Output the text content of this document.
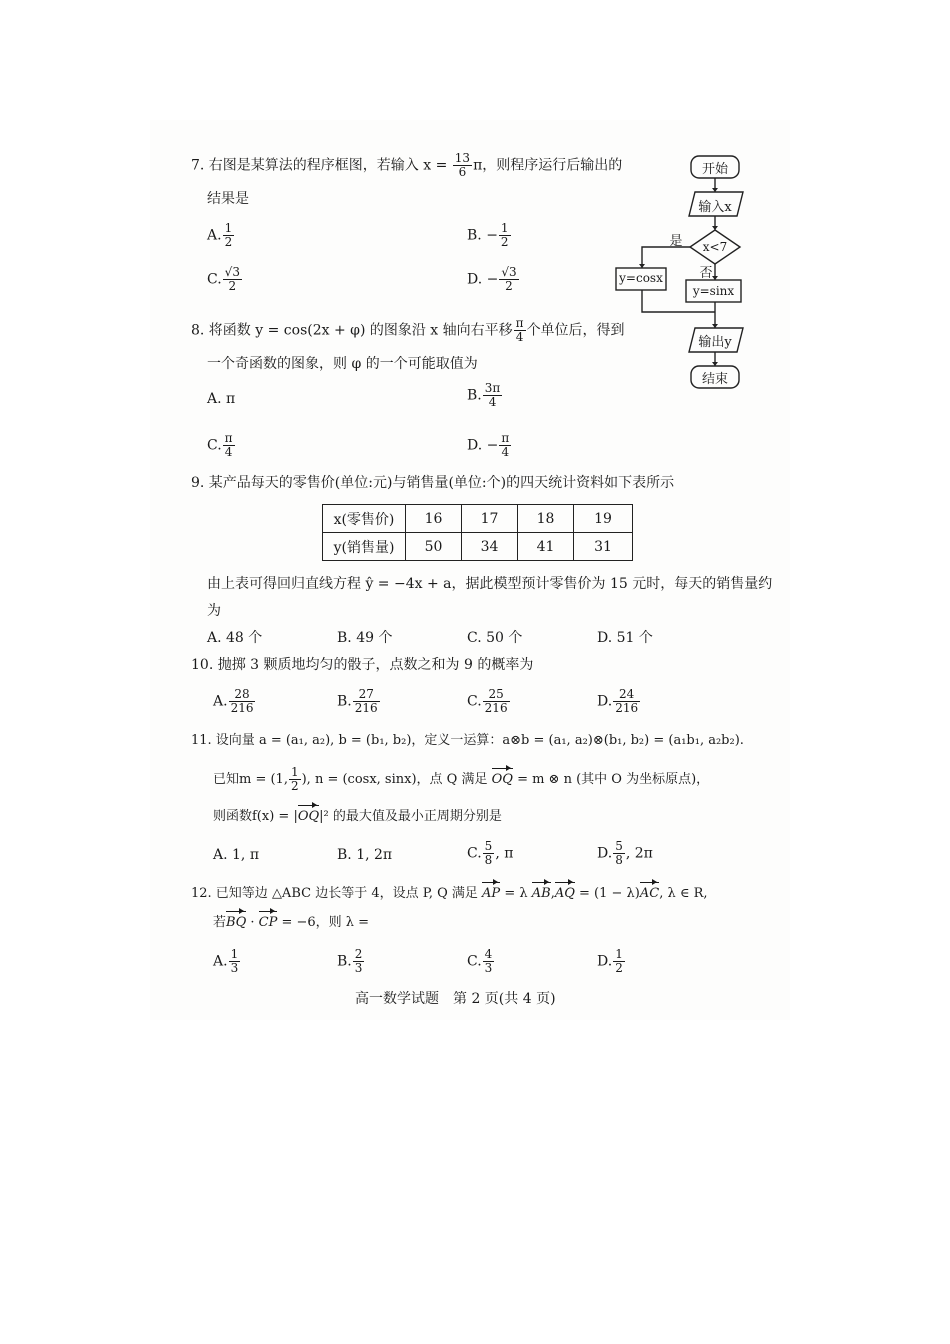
7. 右图是某算法的程序框图，若输入 $x = \frac{13}{6}$ π，则程序运行后输出的
结果是
A. $\frac{1}{2}$	B. − $\frac{1}{2}$
C. $\frac{√3}{2}$	D. − $\frac{√3}{2}$
开始
输入x
x<7
是
否
y=cosx
y=sinx
输出y
结束
8. 将函数 y = cos(2x + φ) 的图象沿 x 轴向右平移 $\frac{\pi}{4}$ 个单位后，得到
一个奇函数的图象，则 φ 的一个可能取值为
A. π	B. $\frac{3\pi}{4}$
C. $\frac{\pi}{4}$	D. − $\frac{\pi}{4}$
9. 某产品每天的零售价(单位:元)与销售量(单位:个)的四天统计资料如下表所示
x(零售价)	16	17	18	19
y(销售量)	50	34	41	31
由上表可得回归直线方程 ŷ = −4x + a，据此模型预计零售价为 15 元时，每天的销售量约
为
A. 48 个	B. 49 个	C. 50 个	D. 51 个
10. 抛掷 3 颗质地均匀的骰子，点数之和为 9 的概率为
A. $\frac{28}{216}$	B. $\frac{27}{216}$	C. $\frac{25}{216}$	D. $\frac{24}{216}$
11. 设向量 a = (a₁, a₂), b = (b₁, b₂)，定义一运算：a⊗b = (a₁, a₂)⊗(b₁, b₂) = (a₁b₁, a₂b₂).
已知m = (1, $\frac{1}{2}$ ), n = (cosx, sinx)，点 Q 满足 OQ = m ⊗ n (其中 O 为坐标原点)，
则函数f(x) = |OQ|² 的最大值及最小正周期分别是
A. 1, π	B. 1, 2π	C. $\frac{5}{8}$ , π	D. $\frac{5}{8}$ , 2π
12. 已知等边 △ABC 边长等于 4，设点 P, Q 满足 AP = λ AB,AQ = (1 − λ)AC, λ ∈ R,
若BQ · CP = −6，则 λ =
A. $\frac{1}{3}$	B. $\frac{2}{3}$	C. $\frac{4}{3}$	D. $\frac{1}{2}$
高一数学试题　第 2 页(共 4 页)
